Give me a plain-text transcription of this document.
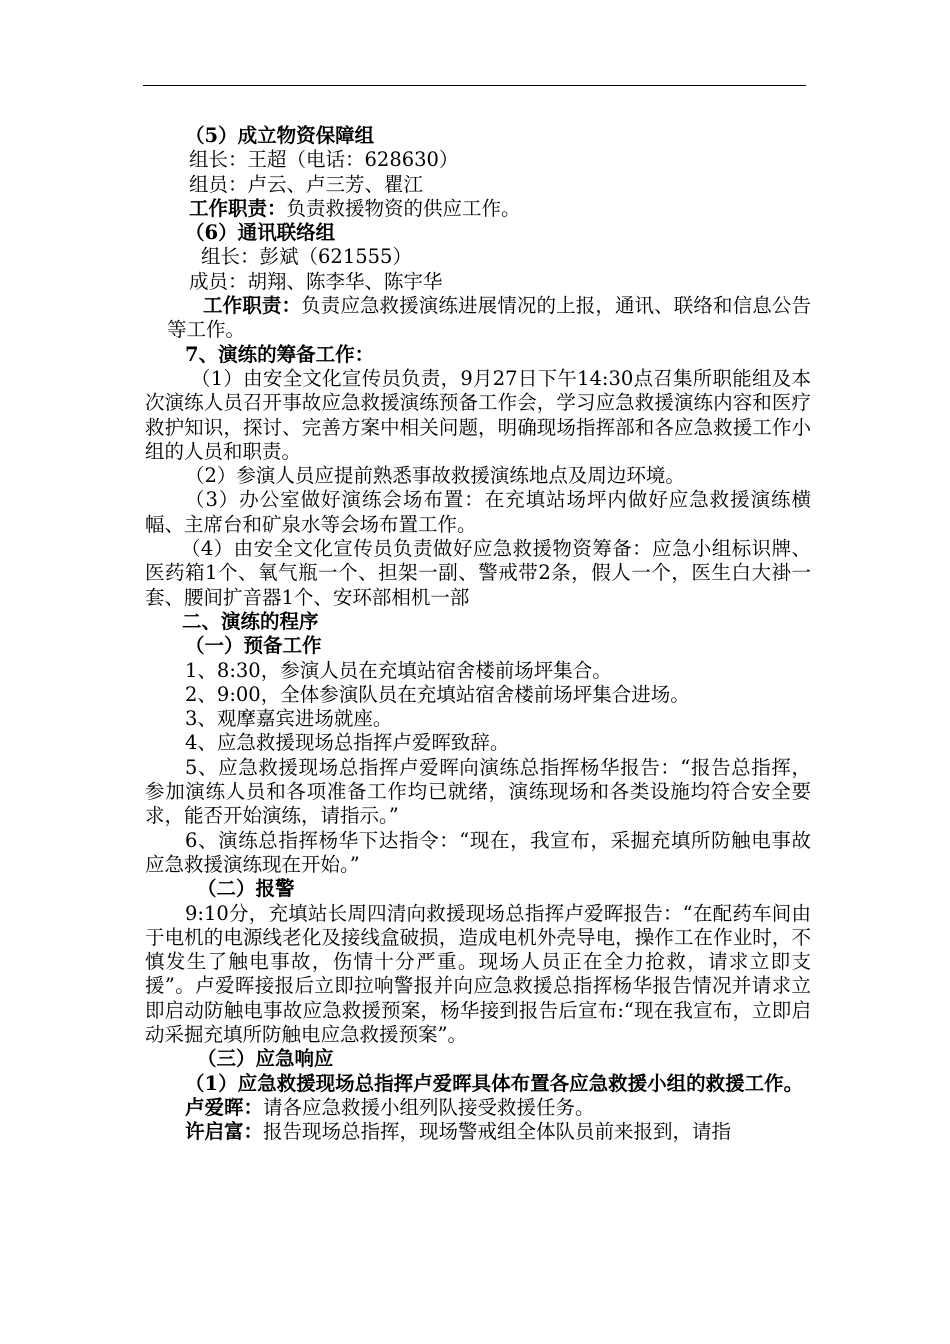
（5）成立物资保障组
组长：王超（电话：628630）
组员：卢云、卢三芳、瞿江
工作职责：负责救援物资的供应工作。
（6）通讯联络组
组长：彭斌（621555）
成员：胡翔、陈李华、陈宇华
工作职责：负责应急救援演练进展情况的上报，通讯、联络和信息公告等工作。
7、演练的筹备工作：
（1）由安全文化宣传员负责，9月27日下午14:30点召集所职能组及本次演练人员召开事故应急救援演练预备工作会，学习应急救援演练内容和医疗救护知识，探讨、完善方案中相关问题，明确现场指挥部和各应急救援工作小组的人员和职责。
（2）参演人员应提前熟悉事故救援演练地点及周边环境。
（3）办公室做好演练会场布置：在充填站场坪内做好应急救援演练横幅、主席台和矿泉水等会场布置工作。
（4）由安全文化宣传员负责做好应急救援物资筹备：应急小组标识牌、医药箱1个、氧气瓶一个、担架一副、警戒带2条，假人一个，医生白大褂一套、腰间扩音器1个、安环部相机一部
二、演练的程序
（一）预备工作
1、8:30，参演人员在充填站宿舍楼前场坪集合。
2、9:00，全体参演队员在充填站宿舍楼前场坪集合进场。
3、观摩嘉宾进场就座。
4、应急救援现场总指挥卢爱晖致辞。
5、应急救援现场总指挥卢爱晖向演练总指挥杨华报告：“报告总指挥，参加演练人员和各项准备工作均已就绪，演练现场和各类设施均符合安全要求，能否开始演练，请指示。”
6、演练总指挥杨华下达指令：“现在，我宣布，采掘充填所防触电事故应急救援演练现在开始。”
（二）报警
9:10分，充填站长周四清向救援现场总指挥卢爱晖报告：“在配药车间由于电机的电源线老化及接线盒破损，造成电机外壳导电，操作工在作业时，不慎发生了触电事故，伤情十分严重。现场人员正在全力抢救，请求立即支援”。卢爱晖接报后立即拉响警报并向应急救援总指挥杨华报告情况并请求立即启动防触电事故应急救援预案，杨华接到报告后宣布:“现在我宣布，立即启动采掘充填所防触电应急救援预案”。
（三）应急响应
（1）应急救援现场总指挥卢爱晖具体布置各应急救援小组的救援工作。
卢爱晖：请各应急救援小组列队接受救援任务。
许启富：报告现场总指挥，现场警戒组全体队员前来报到，请指
